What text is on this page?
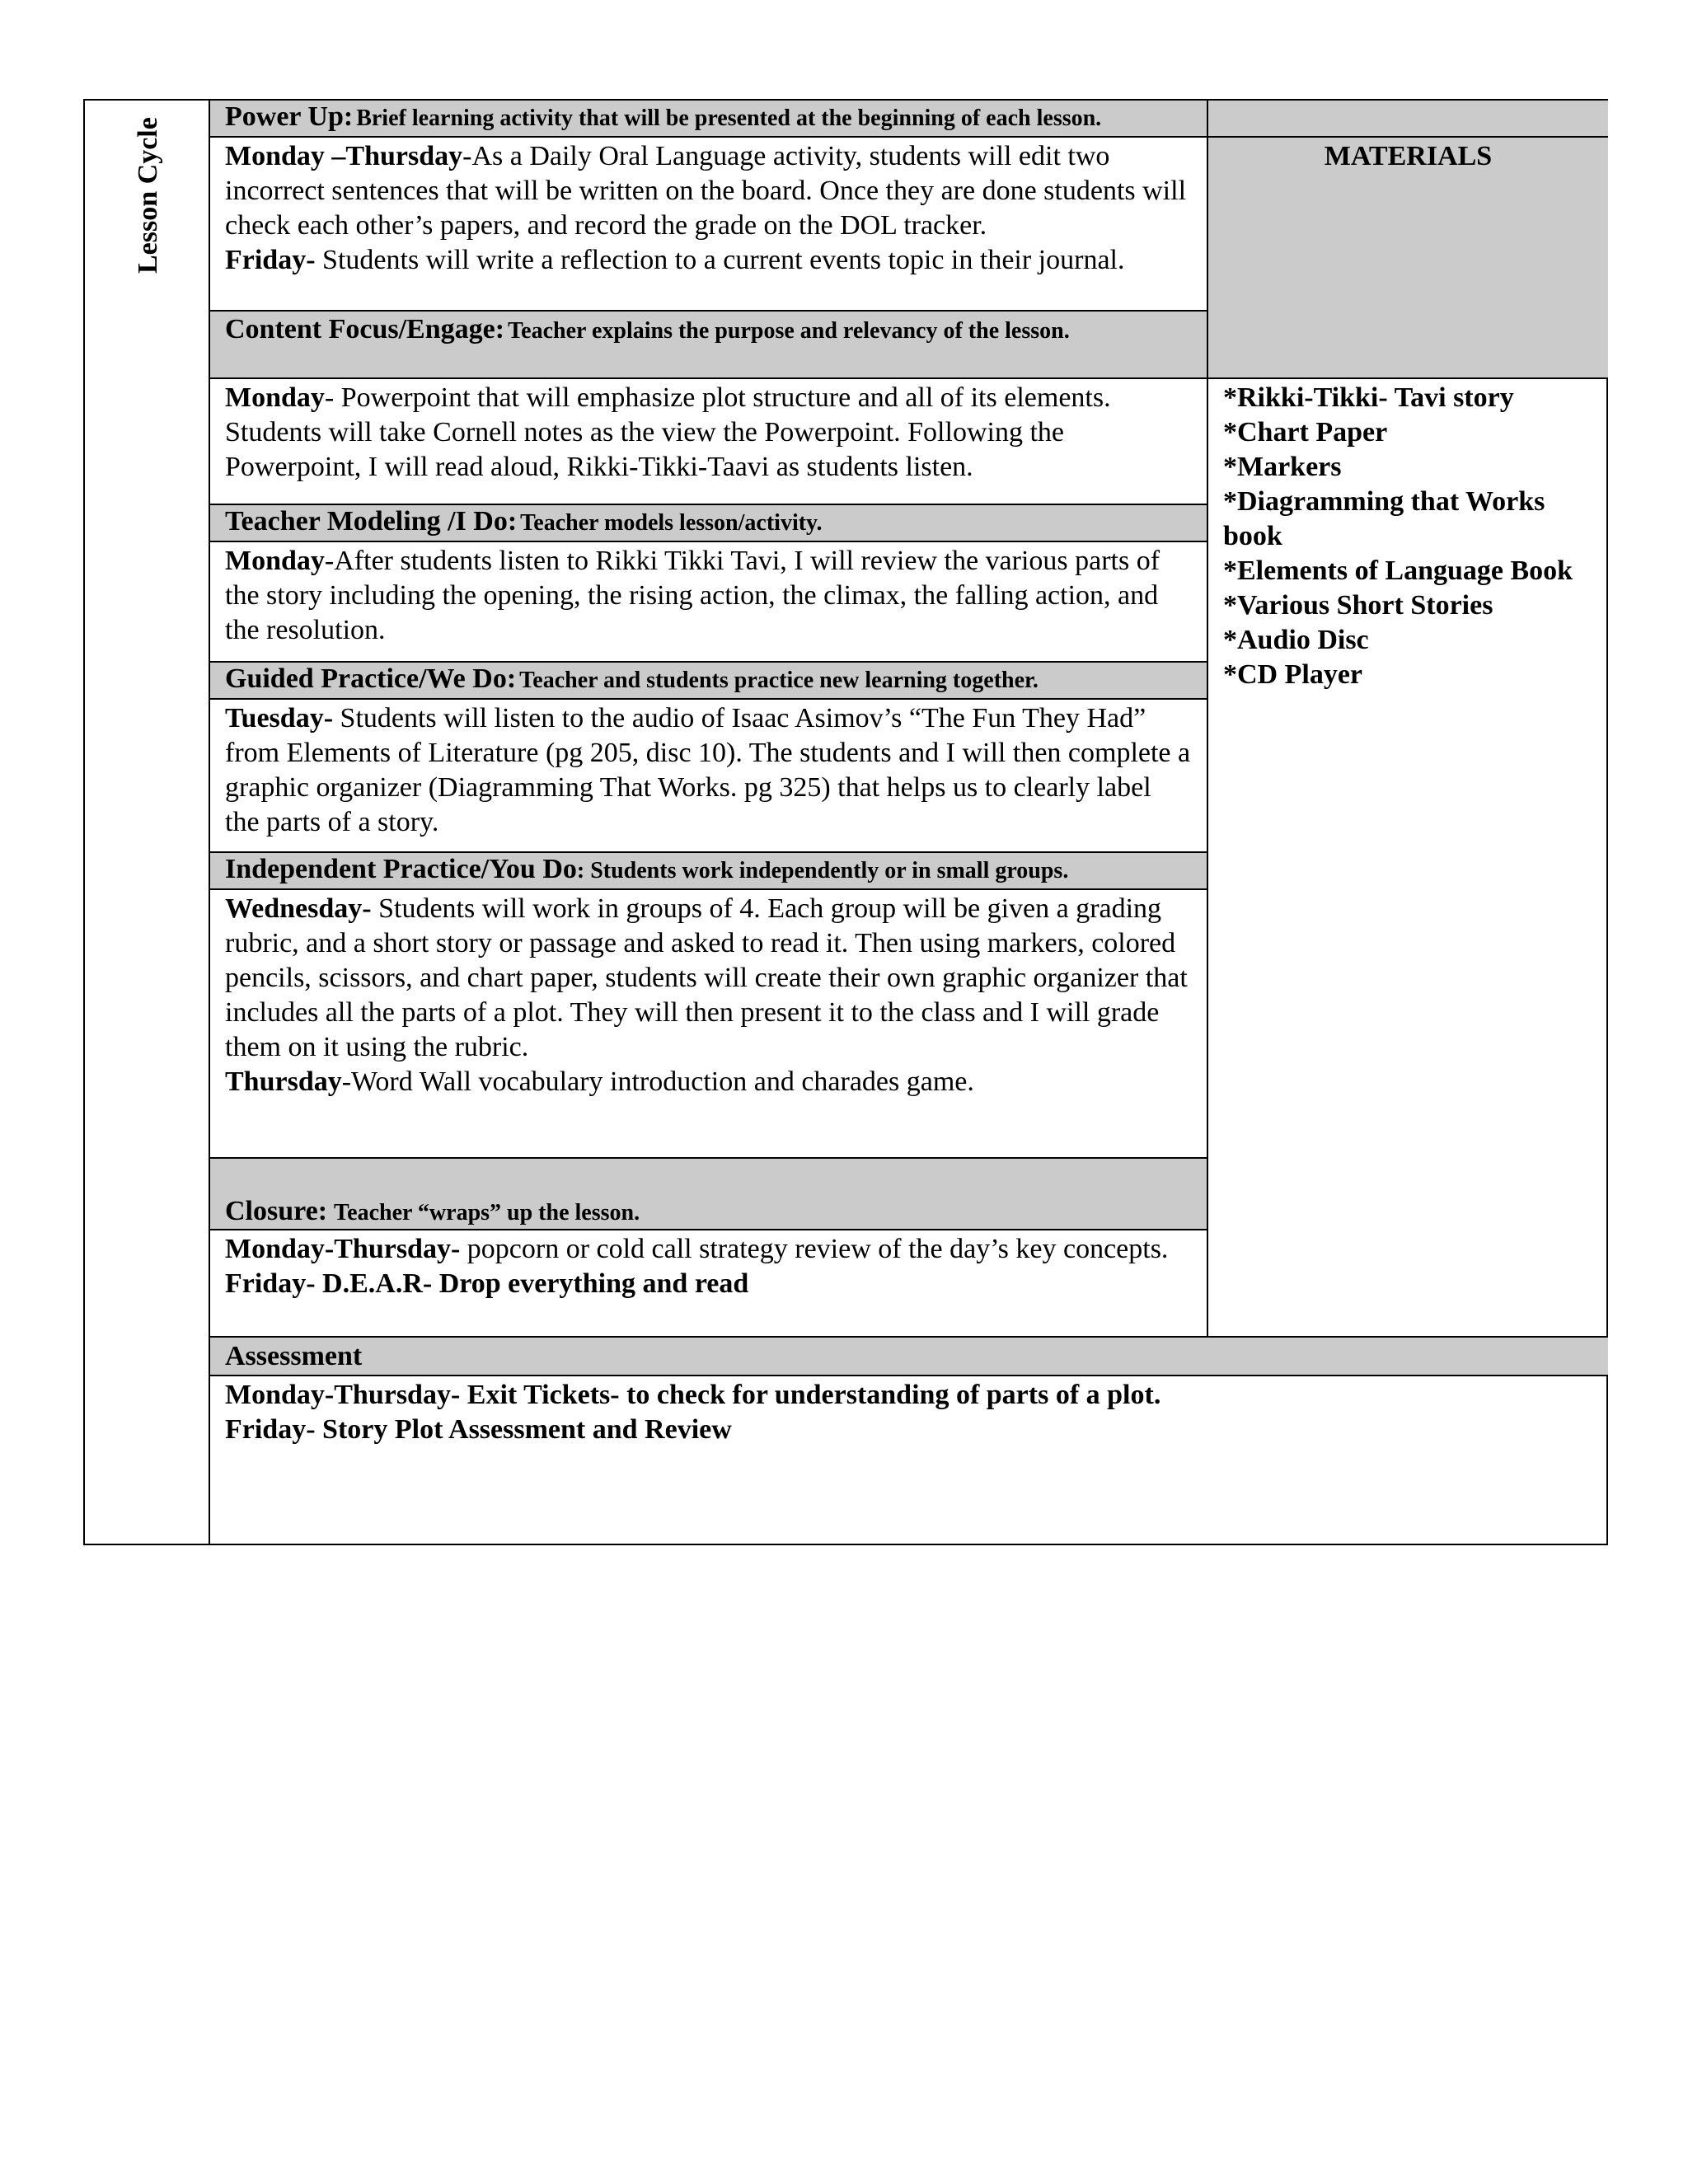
Lesson Cycle
Power Up: Brief learning activity that will be presented at the beginning of each lesson.

Monday –Thursday-As a Daily Oral Language activity, students will edit two incorrect sentences that will be written on the board. Once they are done students will check each other’s papers, and record the grade on the DOL tracker.

Friday- Students will write a reflection to a current events topic in their journal.

Content Focus/Engage: Teacher explains the purpose and relevancy of the lesson.
MATERIALS

Monday- Powerpoint that will emphasize plot structure and all of its elements. Students will take Cornell notes as the view the Powerpoint. Following the Powerpoint, I will read aloud, Rikki-Tikki-Taavi as students listen.

Teacher Modeling /I Do: Teacher models lesson/activity.

Monday-After students listen to Rikki Tikki Tavi, I will review the various parts of the story including the opening, the rising action, the climax, the falling action, and the resolution.

Guided Practice/We Do: Teacher and students practice new learning together.

Tuesday- Students will listen to the audio of Isaac Asimov’s “The Fun They Had” from Elements of Literature (pg 205, disc 10). The students and I will then complete a graphic organizer (Diagramming That Works. pg 325) that helps us to clearly label the parts of a story.

Independent Practice/You Do: Students work independently or in small groups.

Wednesday- Students will work in groups of 4. Each group will be given a grading rubric, and a short story or passage and asked to read it. Then using markers, colored pencils, scissors, and chart paper, students will create their own graphic organizer that includes all the parts of a plot. They will then present it to the class and I will grade them on it using the rubric.

Thursday-Word Wall vocabulary introduction and charades game.

Closure: Teacher “wraps” up the lesson.

Monday-Thursday- popcorn or cold call strategy review of the day’s key concepts.

Friday- D.E.A.R- Drop everything and read

*Rikki-Tikki- Tavi story

*Chart Paper

*Markers

*Diagramming that Works book

*Elements of Language Book

*Various Short Stories

*Audio Disc

*CD Player

Assessment

Monday-Thursday- Exit Tickets- to check for understanding of parts of a plot.

Friday- Story Plot Assessment and Review
